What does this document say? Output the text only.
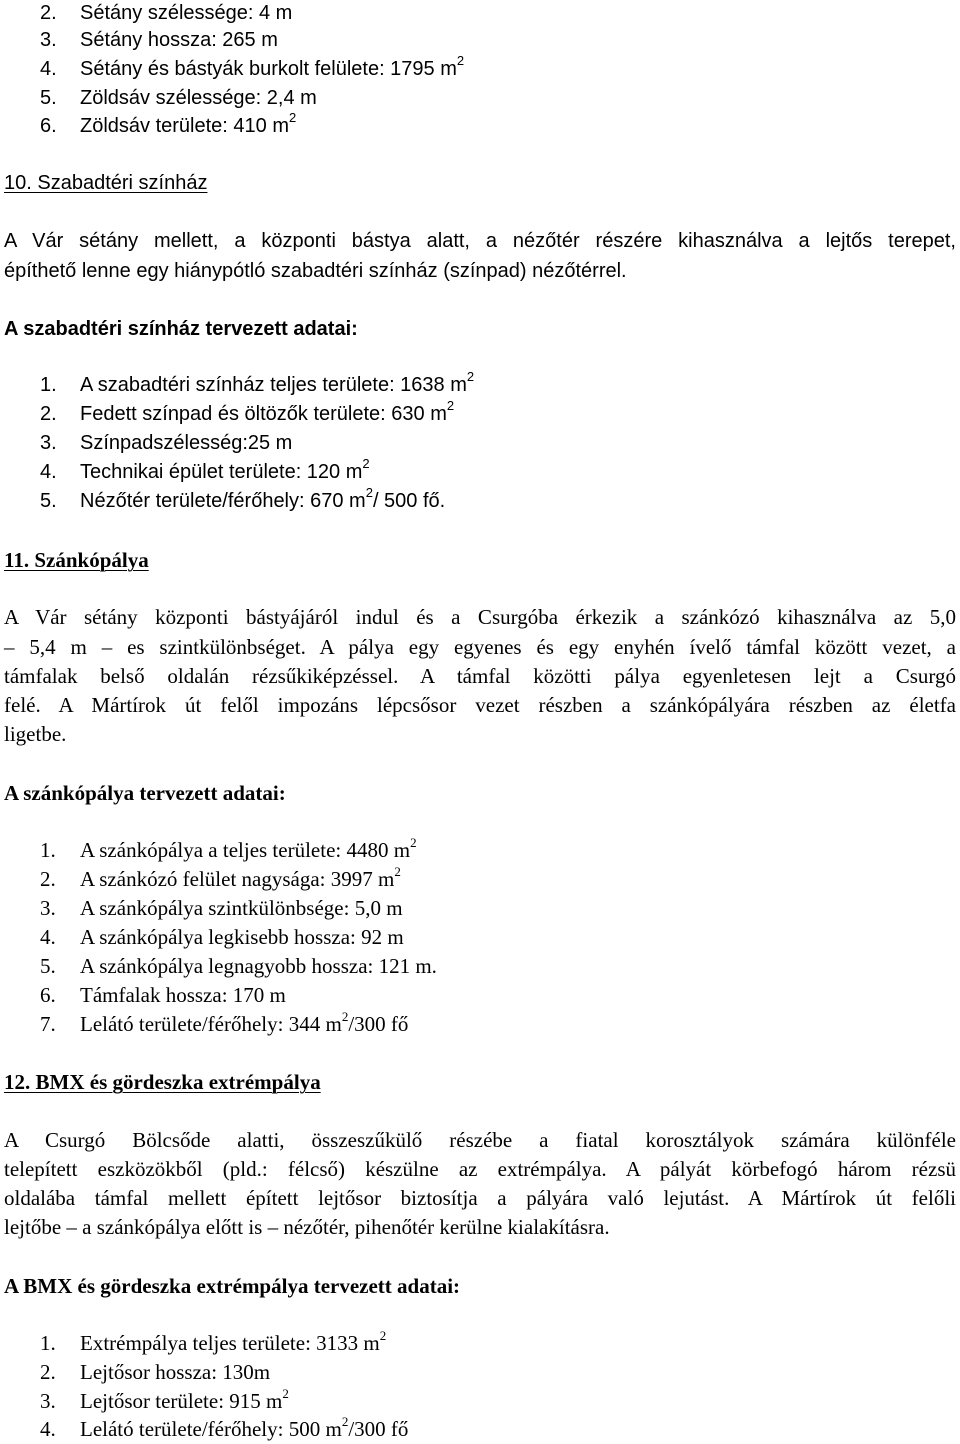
2. Sétány szélessége: 4 m
3. Sétány hossza: 265 m
4. Sétány és bástyák burkolt felülete: 1795 $m^2$
5. Zöldsáv szélessége: 2,4 m
6. Zöldsáv területe: 410 $m^2$
10. Szabadtéri színház
A Vár sétány mellett, a központi bástya alatt, a nézőtér részére kihasználva a lejtős terepet,
építhető lenne egy hiánypótló szabadtéri színház (színpad) nézőtérrel.
A szabadtéri színház tervezett adatai:
1. A szabadtéri színház teljes területe: 1638 $m^2$
2. Fedett színpad és öltözők területe: 630 $m^2$
3. Színpadszélesség:25 m
4. Technikai épület területe: 120 $m^2$
5. Nézőtér területe/férőhely: 670 $m^2/$ 500 fő.
11. Szánkópálya
A Vár sétány központi bástyájáról indul és a Csurgóba érkezik a szánkózó kihasználva az 5,0
– 5,4 m – es szintkülönbséget. A pálya egy egyenes és egy enyhén ívelő támfal között vezet, a
támfalak belső oldalán rézsűkiképzéssel. A támfal közötti pálya egyenletesen lejt a Csurgó
felé. A Mártírok út felől impozáns lépcsősor vezet részben a szánkópályára részben az életfa
ligetbe.
A szánkópálya tervezett adatai:
1. A szánkópálya a teljes területe: 4480 $m^2$
2. A szánkózó felület nagysága: 3997 $m^2$
3. A szánkópálya szintkülönbsége: 5,0 m
4. A szánkópálya legkisebb hossza: 92 m
5. A szánkópálya legnagyobb hossza: 121 m.
6. Támfalak hossza: 170 m
7. Lelátó területe/férőhely: 344 $m^2/300$ fő
12. BMX és gördeszka extrémpálya
A Csurgó Bölcsőde alatti, összeszűkülő részébe a fiatal korosztályok számára különféle
telepített eszközökből (pld.: félcső) készülne az extrémpálya. A pályát körbefogó három rézsü
oldalába támfal mellett épített lejtősor biztosítja a pályára való lejutást. A Mártírok út felőli
lejtőbe – a szánkópálya előtt is – nézőtér, pihenőtér kerülne kialakításra.
A BMX és gördeszka extrémpálya tervezett adatai:
1. Extrémpálya teljes területe: 3133 $m^2$
2. Lejtősor hossza: 130m
3. Lejtősor területe: 915 $m^2$
4. Lelátó területe/férőhely: 500 $m^2/300$ fő
